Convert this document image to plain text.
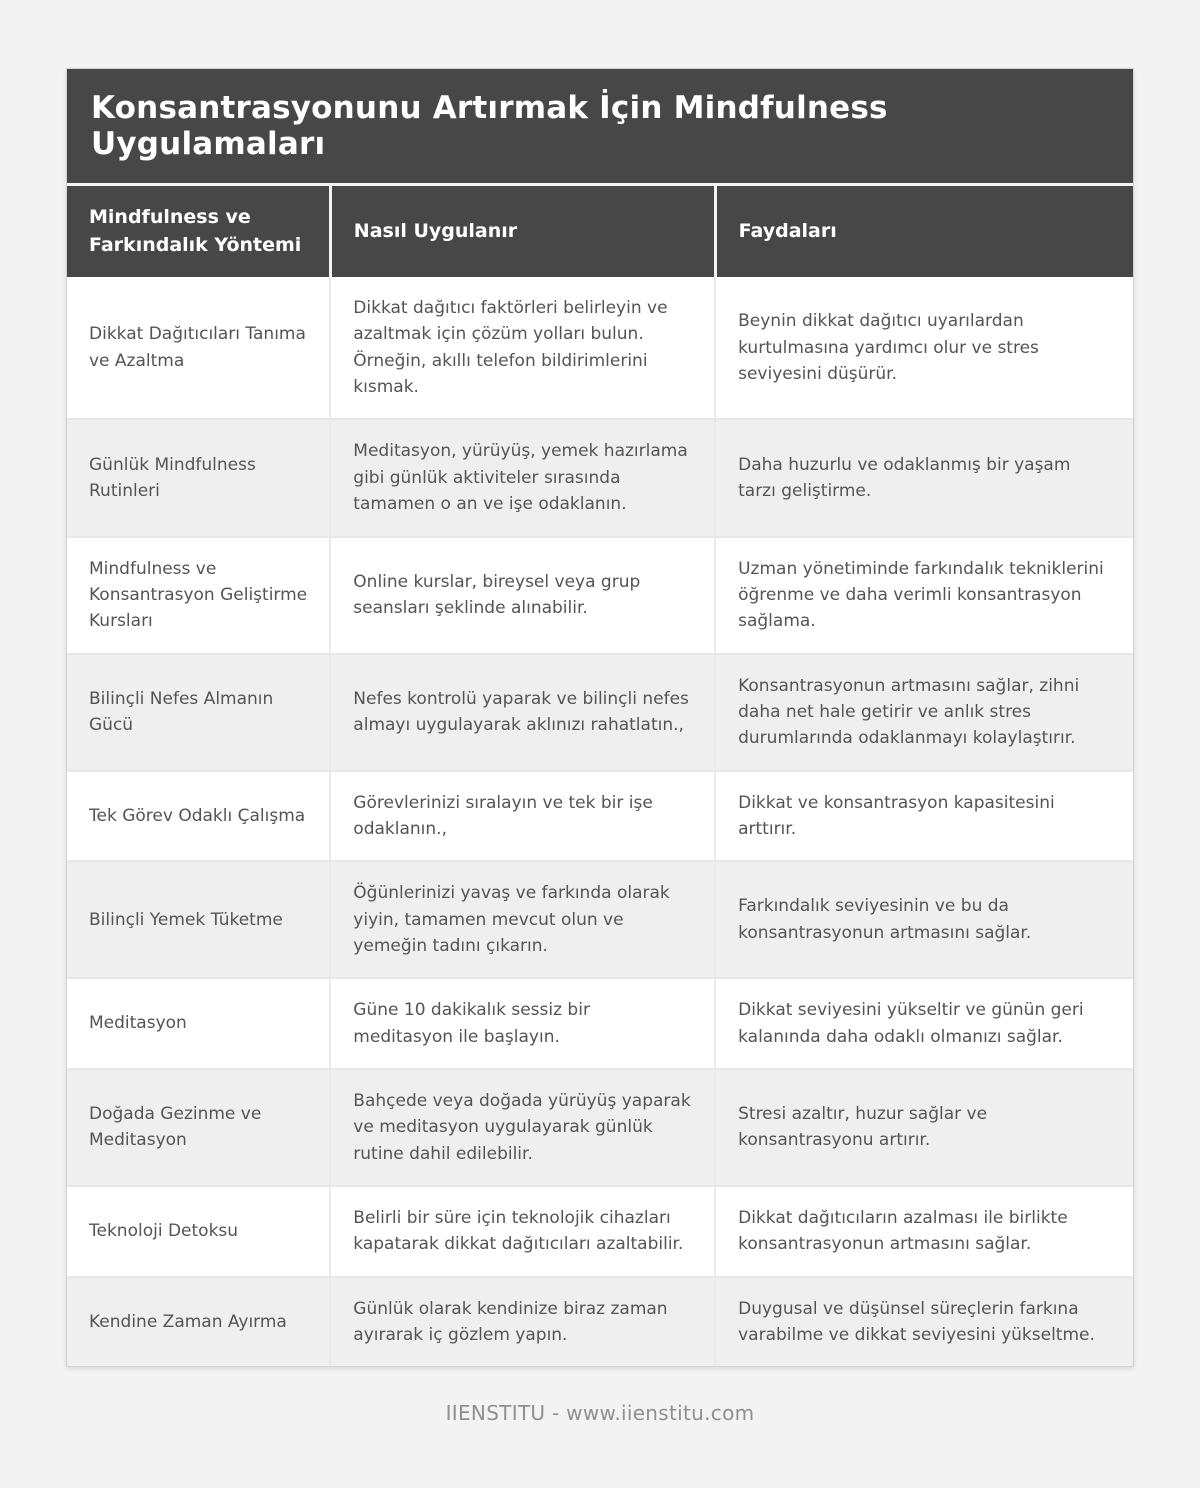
Konsantrasyonunu Artırmak İçin Mindfulness Uygulamaları
Mindfulness ve Farkındalık Yöntemi	Nasıl Uygulanır	Faydaları
Dikkat Dağıtıcıları Tanıma ve Azaltma	Dikkat dağıtıcı faktörleri belirleyin ve azaltmak için çözüm yolları bulun. Örneğin, akıllı telefon bildirimlerini kısmak.	Beynin dikkat dağıtıcı uyarılardan kurtulmasına yardımcı olur ve stres seviyesini düşürür.
Günlük Mindfulness Rutinleri	Meditasyon, yürüyüş, yemek hazırlama gibi günlük aktiviteler sırasında tamamen o an ve işe odaklanın.	Daha huzurlu ve odaklanmış bir yaşam tarzı geliştirme.
Mindfulness ve Konsantrasyon Geliştirme Kursları	Online kurslar, bireysel veya grup seansları şeklinde alınabilir.	Uzman yönetiminde farkındalık tekniklerini öğrenme ve daha verimli konsantrasyon sağlama.
Bilinçli Nefes Almanın Gücü	Nefes kontrolü yaparak ve bilinçli nefes almayı uygulayarak aklınızı rahatlatın.,	Konsantrasyonun artmasını sağlar, zihni daha net hale getirir ve anlık stres durumlarında odaklanmayı kolaylaştırır.
Tek Görev Odaklı Çalışma	Görevlerinizi sıralayın ve tek bir işe odaklanın.,	Dikkat ve konsantrasyon kapasitesini arttırır.
Bilinçli Yemek Tüketme	Öğünlerinizi yavaş ve farkında olarak yiyin, tamamen mevcut olun ve yemeğin tadını çıkarın.	Farkındalık seviyesinin ve bu da konsantrasyonun artmasını sağlar.
Meditasyon	Güne 10 dakikalık sessiz bir meditasyon ile başlayın.	Dikkat seviyesini yükseltir ve günün geri kalanında daha odaklı olmanızı sağlar.
Doğada Gezinme ve Meditasyon	Bahçede veya doğada yürüyüş yaparak ve meditasyon uygulayarak günlük rutine dahil edilebilir.	Stresi azaltır, huzur sağlar ve konsantrasyonu artırır.
Teknoloji Detoksu	Belirli bir süre için teknolojik cihazları kapatarak dikkat dağıtıcıları azaltabilir.	Dikkat dağıtıcıların azalması ile birlikte konsantrasyonun artmasını sağlar.
Kendine Zaman Ayırma	Günlük olarak kendinize biraz zaman ayırarak iç gözlem yapın.	Duygusal ve düşünsel süreçlerin farkına varabilme ve dikkat seviyesini yükseltme.
IIENSTITU - www.iienstitu.com
